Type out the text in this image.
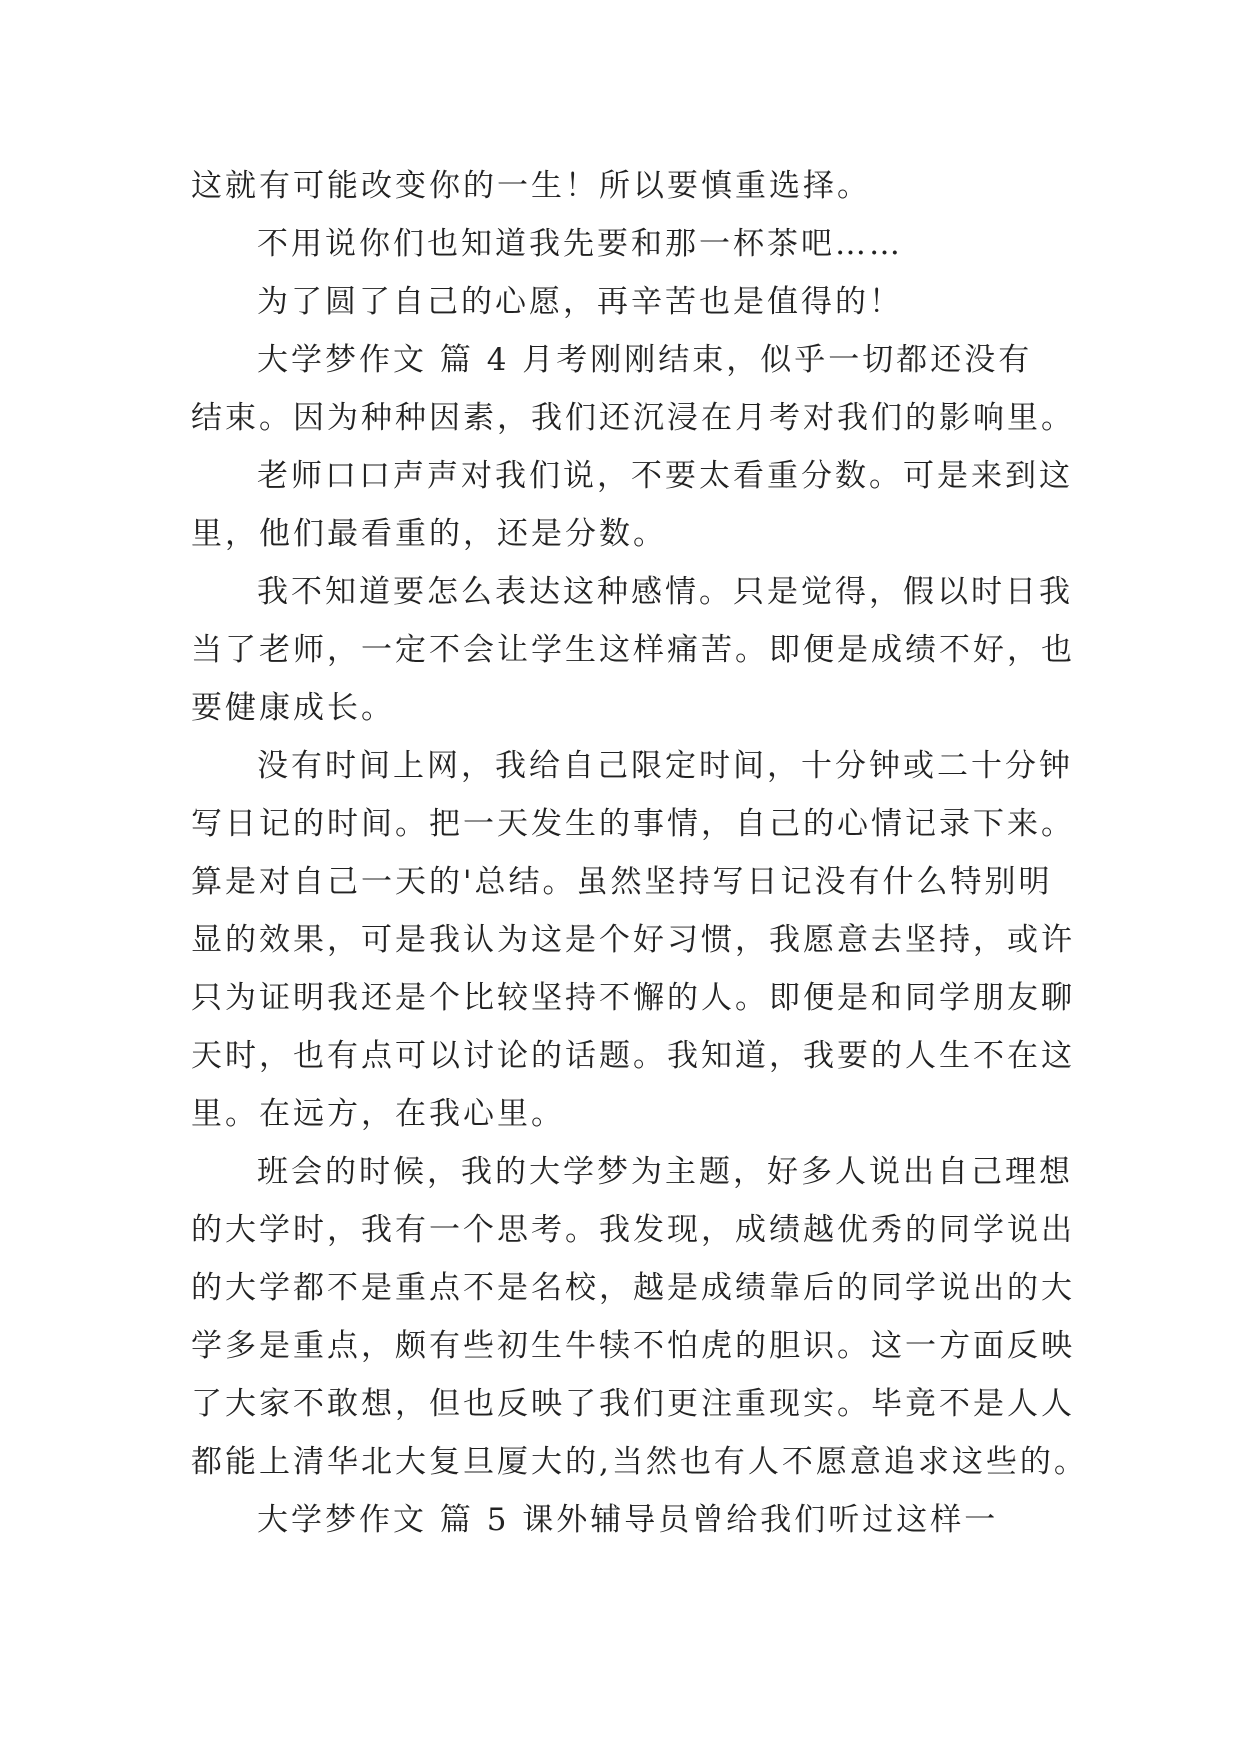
这就有可能改变你的一生！所以要慎重选择。
不用说你们也知道我先要和那一杯茶吧……
为了圆了自己的心愿，再辛苦也是值得的！
大学梦作文 篇 4 月考刚刚结束，似乎一切都还没有
结束。因为种种因素，我们还沉浸在月考对我们的影响里。
老师口口声声对我们说，不要太看重分数。可是来到这
里，他们最看重的，还是分数。
我不知道要怎么表达这种感情。只是觉得，假以时日我
当了老师，一定不会让学生这样痛苦。即便是成绩不好，也
要健康成长。
没有时间上网，我给自己限定时间，十分钟或二十分钟
写日记的时间。把一天发生的事情，自己的心情记录下来。
算是对自己一天的'总结。虽然坚持写日记没有什么特别明
显的效果，可是我认为这是个好习惯，我愿意去坚持，或许
只为证明我还是个比较坚持不懈的人。即便是和同学朋友聊
天时，也有点可以讨论的话题。我知道，我要的人生不在这
里。在远方，在我心里。
班会的时候，我的大学梦为主题，好多人说出自己理想
的大学时，我有一个思考。我发现，成绩越优秀的同学说出
的大学都不是重点不是名校，越是成绩靠后的同学说出的大
学多是重点，颇有些初生牛犊不怕虎的胆识。这一方面反映
了大家不敢想，但也反映了我们更注重现实。毕竟不是人人
都能上清华北大复旦厦大的,当然也有人不愿意追求这些的。
大学梦作文 篇 5 课外辅导员曾给我们听过这样一
